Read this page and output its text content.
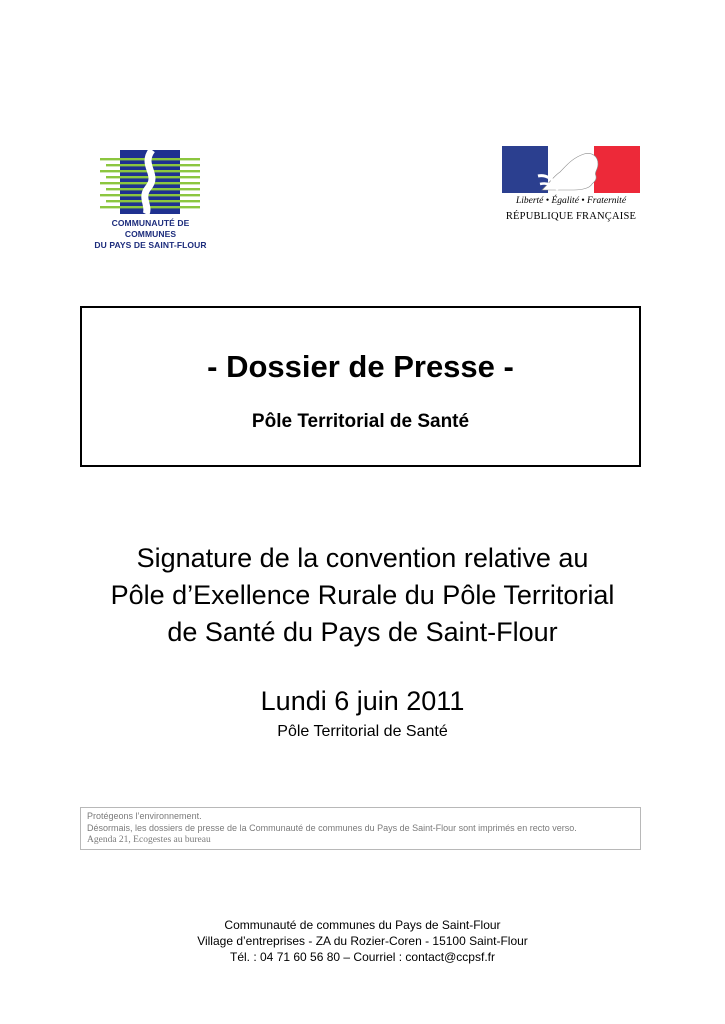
COMMUNAUTÉ DE COMMUNES
DU PAYS DE SAINT-FLOUR
Liberté • Égalité • Fraternité
RÉPUBLIQUE FRANÇAISE
- Dossier de Presse -
Pôle Territorial de Santé
Signature de la convention relative au
Pôle d’Exellence Rurale du Pôle Territorial
de Santé du Pays de Saint-Flour
Lundi 6 juin 2011
Pôle Territorial de Santé
Protégeons l’environnement.
Désormais, les dossiers de presse de la Communauté de communes du Pays de Saint-Flour sont imprimés en recto verso.
Agenda 21, Ecogestes au bureau
Communauté de communes du Pays de Saint-Flour
Village d’entreprises - ZA du Rozier-Coren - 15100 Saint-Flour
Tél. : 04 71 60 56 80 – Courriel : contact@ccpsf.fr
